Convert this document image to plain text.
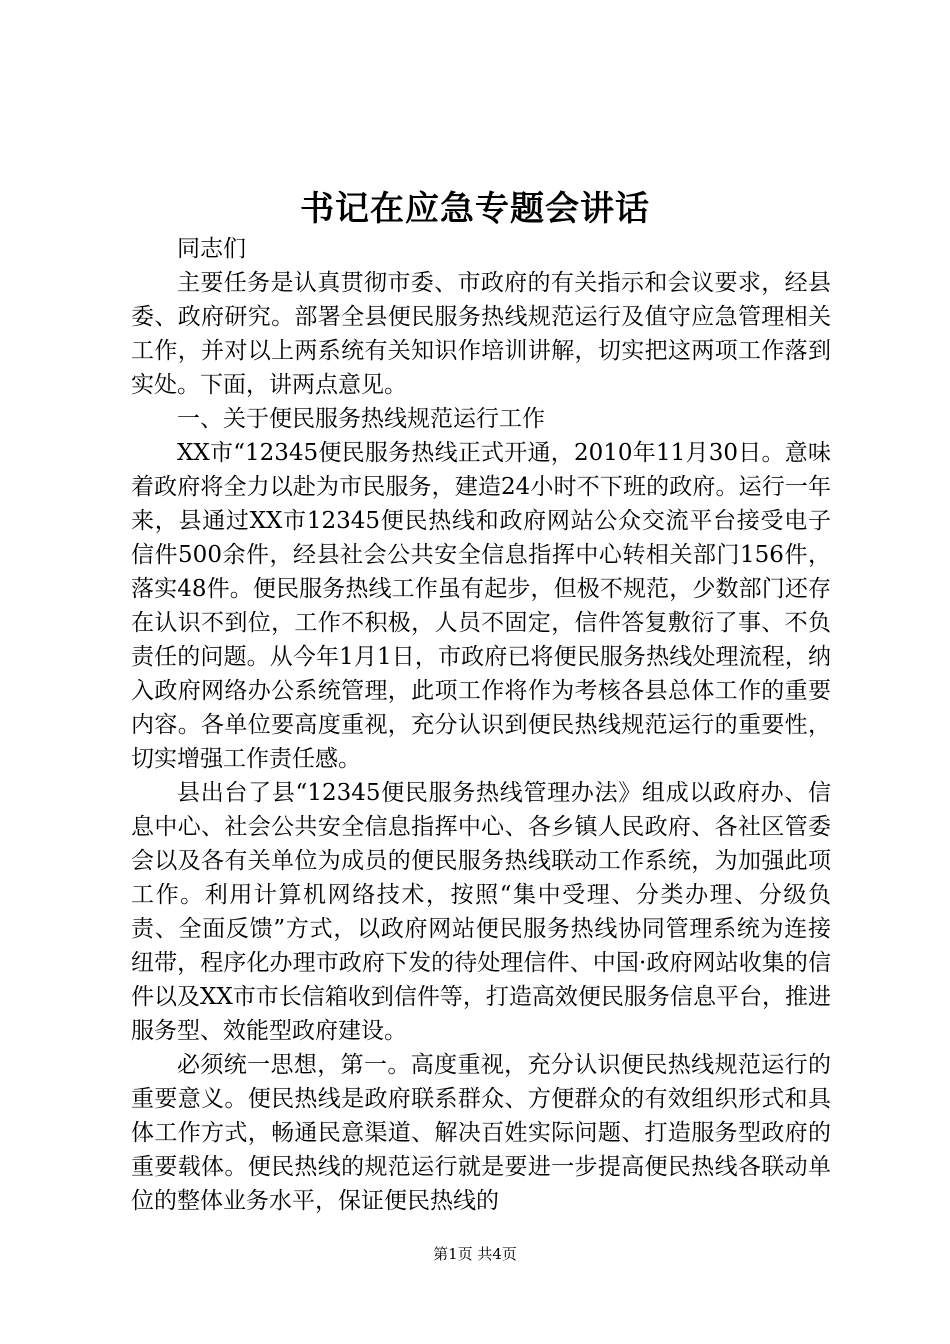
书记在应急专题会讲话

同志们

主要任务是认真贯彻市委、市政府的有关指示和会议要求，经县委、政府研究。部署全县便民服务热线规范运行及值守应急管理相关工作，并对以上两系统有关知识作培训讲解，切实把这两项工作落到实处。下面，讲两点意见。

一、关于便民服务热线规范运行工作

XX市“12345便民服务热线正式开通，2010年11月30日。意味着政府将全力以赴为市民服务，建造24小时不下班的政府。运行一年来，县通过XX市12345便民热线和政府网站公众交流平台接受电子信件500余件，经县社会公共安全信息指挥中心转相关部门156件，落实48件。便民服务热线工作虽有起步，但极不规范，少数部门还存在认识不到位，工作不积极，人员不固定，信件答复敷衍了事、不负责任的问题。从今年1月1日，市政府已将便民服务热线处理流程，纳入政府网络办公系统管理，此项工作将作为考核各县总体工作的重要内容。各单位要高度重视，充分认识到便民热线规范运行的重要性，切实增强工作责任感。

县出台了县“12345便民服务热线管理办法》组成以政府办、信息中心、社会公共安全信息指挥中心、各乡镇人民政府、各社区管委会以及各有关单位为成员的便民服务热线联动工作系统，为加强此项工作。利用计算机网络技术，按照“集中受理、分类办理、分级负责、全面反馈”方式，以政府网站便民服务热线协同管理系统为连接纽带，程序化办理市政府下发的待处理信件、中国·政府网站收集的信件以及XX市市长信箱收到信件等，打造高效便民服务信息平台，推进服务型、效能型政府建设。

必须统一思想，第一。高度重视，充分认识便民热线规范运行的重要意义。便民热线是政府联系群众、方便群众的有效组织形式和具体工作方式，畅通民意渠道、解决百姓实际问题、打造服务型政府的重要载体。便民热线的规范运行就是要进一步提高便民热线各联动单位的整体业务水平，保证便民热线的

第1页 共4页
